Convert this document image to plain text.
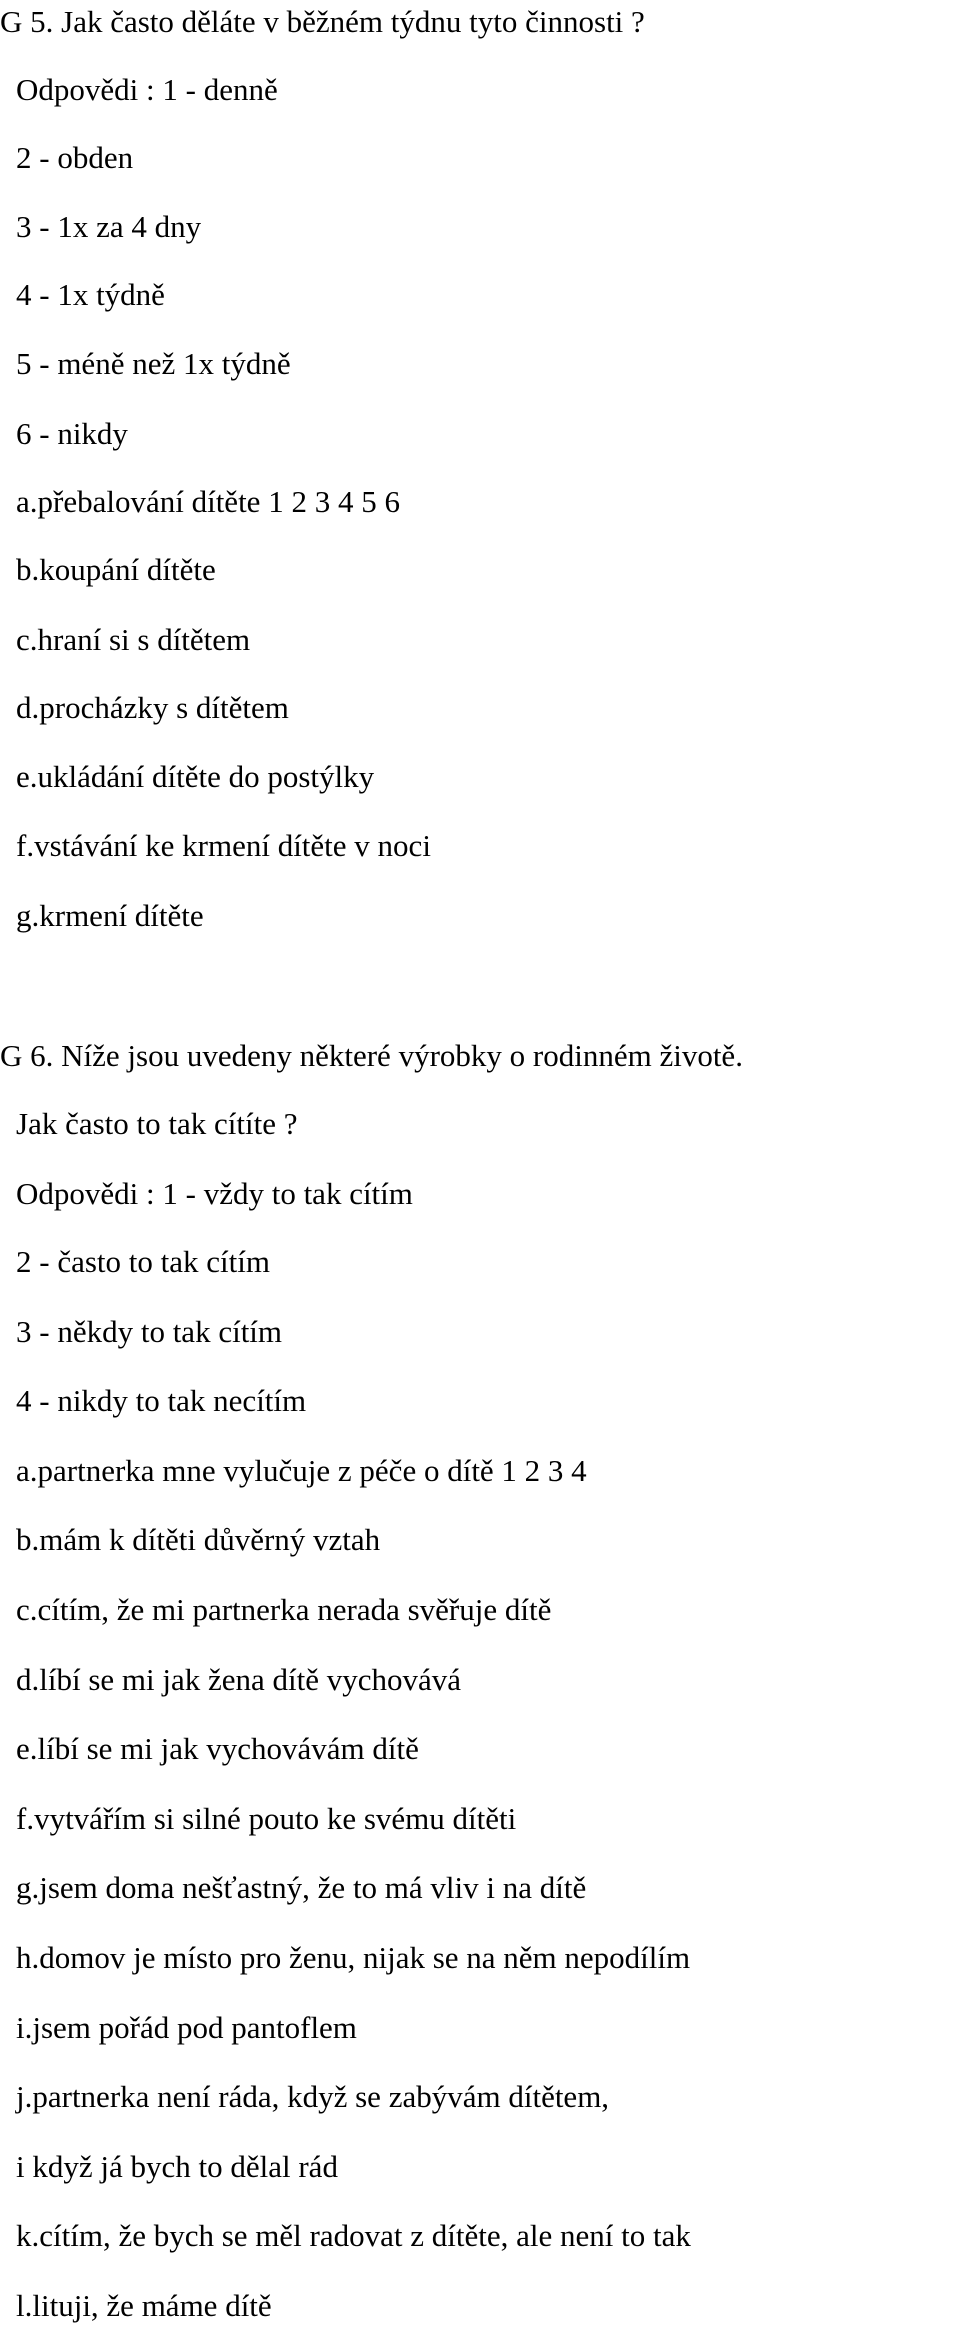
G 5. Jak často děláte v běžném týdnu tyto činnosti ?
Odpovědi : 1 - denně
2 - obden
3 - 1x za 4 dny
4 - 1x týdně
5 - méně než 1x týdně
6 - nikdy
a.přebalování dítěte 1 2 3 4 5 6
b.koupání dítěte
c.hraní si s dítětem
d.procházky s dítětem
e.ukládání dítěte do postýlky
f.vstávání ke krmení dítěte v noci
g.krmení dítěte
G 6. Níže jsou uvedeny některé výrobky o rodinném životě.
Jak často to tak cítíte ?
Odpovědi : 1 - vždy to tak cítím
2 - často to tak cítím
3 - někdy to tak cítím
4 - nikdy to tak necítím
a.partnerka mne vylučuje z péče o dítě 1 2 3 4
b.mám k dítěti důvěrný vztah
c.cítím, že mi partnerka nerada svěřuje dítě
d.líbí se mi jak žena dítě vychovává
e.líbí se mi jak vychovávám dítě
f.vytvářím si silné pouto ke svému dítěti
g.jsem doma nešťastný, že to má vliv i na dítě
h.domov je místo pro ženu, nijak se na něm nepodílím
i.jsem pořád pod pantoflem
j.partnerka není ráda, když se zabývám dítětem,
i když já bych to dělal rád
k.cítím, že bych se měl radovat z dítěte, ale není to tak
l.lituji, že máme dítě
